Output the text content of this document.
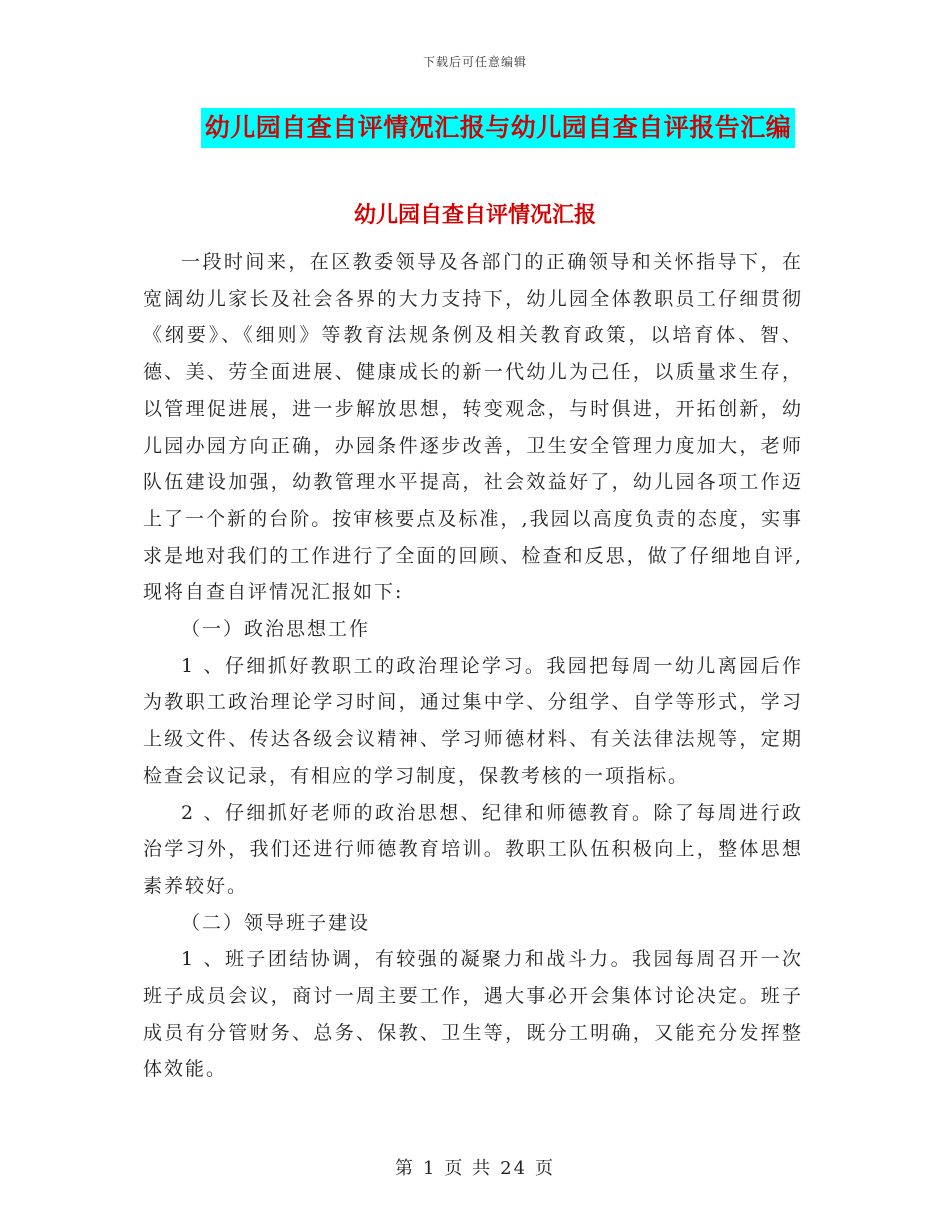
下载后可任意编辑
幼儿园自查自评情况汇报与幼儿园自查自评报告汇编
幼儿园自查自评情况汇报

一段时间来，在区教委领导及各部门的正确领导和关怀指导下，在宽阔幼儿家长及社会各界的大力支持下，幼儿园全体教职员工仔细贯彻《纲要》、《细则》等教育法规条例及相关教育政策，以培育体、智、德、美、劳全面进展、健康成长的新一代幼儿为己任，以质量求生存，以管理促进展，进一步解放思想，转变观念，与时俱进，开拓创新，幼儿园办园方向正确，办园条件逐步改善，卫生安全管理力度加大，老师队伍建设加强，幼教管理水平提高，社会效益好了，幼儿园各项工作迈上了一个新的台阶。按审核要点及标准，,我园以高度负责的态度，实事求是地对我们的工作进行了全面的回顾、检查和反思，做了仔细地自评,现将自查自评情况汇报如下:

（一）政治思想工作

1 、仔细抓好教职工的政治理论学习。我园把每周一幼儿离园后作为教职工政治理论学习时间，通过集中学、分组学、自学等形式，学习上级文件、传达各级会议精神、学习师德材料、有关法律法规等，定期检查会议记录，有相应的学习制度，保教考核的一项指标。

2 、仔细抓好老师的政治思想、纪律和师德教育。除了每周进行政治学习外，我们还进行师德教育培训。教职工队伍积极向上，整体思想素养较好。

（二）领导班子建设

1 、班子团结协调，有较强的凝聚力和战斗力。我园每周召开一次班子成员会议，商讨一周主要工作，遇大事必开会集体讨论决定。班子成员有分管财务、总务、保教、卫生等，既分工明确，又能充分发挥整体效能。

第 1 页 共 24 页
